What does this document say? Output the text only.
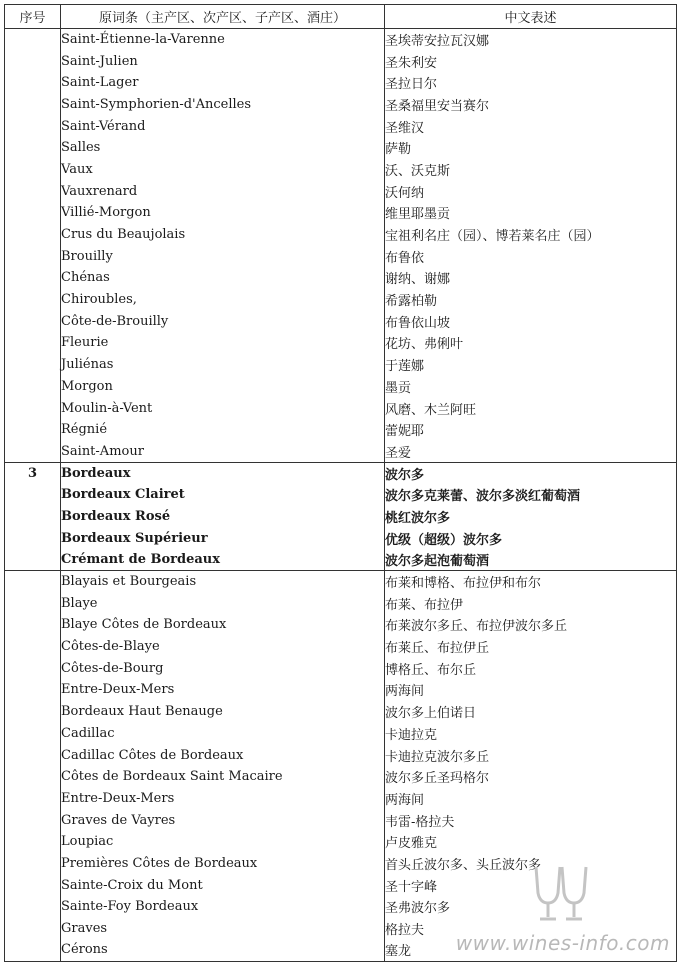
序号	原词条（主产区、次产区、子产区、酒庄）	中文表述
	Saint-Étienne-la-Varenne	圣埃蒂安拉瓦汉娜
	Saint-Julien	圣朱利安
	Saint-Lager	圣拉日尔
	Saint-Symphorien-d'Ancelles	圣桑福里安当赛尔
	Saint-Vérand	圣维汉
	Salles	萨勒
	Vaux	沃、沃克斯
	Vauxrenard	沃何纳
	Villié-Morgon	维里耶墨贡
	Crus du Beaujolais	宝祖利名庄（园）、博若莱名庄（园）
	Brouilly	布鲁依
	Chénas	谢纳、谢娜
	Chiroubles,	希露柏勒
	Côte-de-Brouilly	布鲁依山坡
	Fleurie	花坊、弗俐叶
	Juliénas	于莲娜
	Morgon	墨贡
	Moulin-à-Vent	风磨、木兰阿旺
	Régnié	蕾妮耶
	Saint-Amour	圣爱
3	Bordeaux	波尔多
	Bordeaux Clairet	波尔多克莱蕾、波尔多淡红葡萄酒
	Bordeaux Rosé	桃红波尔多
	Bordeaux Supérieur	优级（超级）波尔多
	Crémant de Bordeaux	波尔多起泡葡萄酒
	Blayais et Bourgeais	布莱和博格、布拉伊和布尔
	Blaye	布莱、布拉伊
	Blaye Côtes de Bordeaux	布莱波尔多丘、布拉伊波尔多丘
	Côtes-de-Blaye	布莱丘、布拉伊丘
	Côtes-de-Bourg	博格丘、布尔丘
	Entre-Deux-Mers	两海间
	Bordeaux Haut Benauge	波尔多上伯诺日
	Cadillac	卡迪拉克
	Cadillac Côtes de Bordeaux	卡迪拉克波尔多丘
	Côtes de Bordeaux Saint Macaire	波尔多丘圣玛格尔
	Entre-Deux-Mers	两海间
	Graves de Vayres	韦雷-格拉夫
	Loupiac	卢皮雅克
	Premières Côtes de Bordeaux	首头丘波尔多、头丘波尔多
	Sainte-Croix du Mont	圣十字峰
	Sainte-Foy Bordeaux	圣弗波尔多
	Graves	格拉夫
	Cérons	塞龙 www.wines-info.com
